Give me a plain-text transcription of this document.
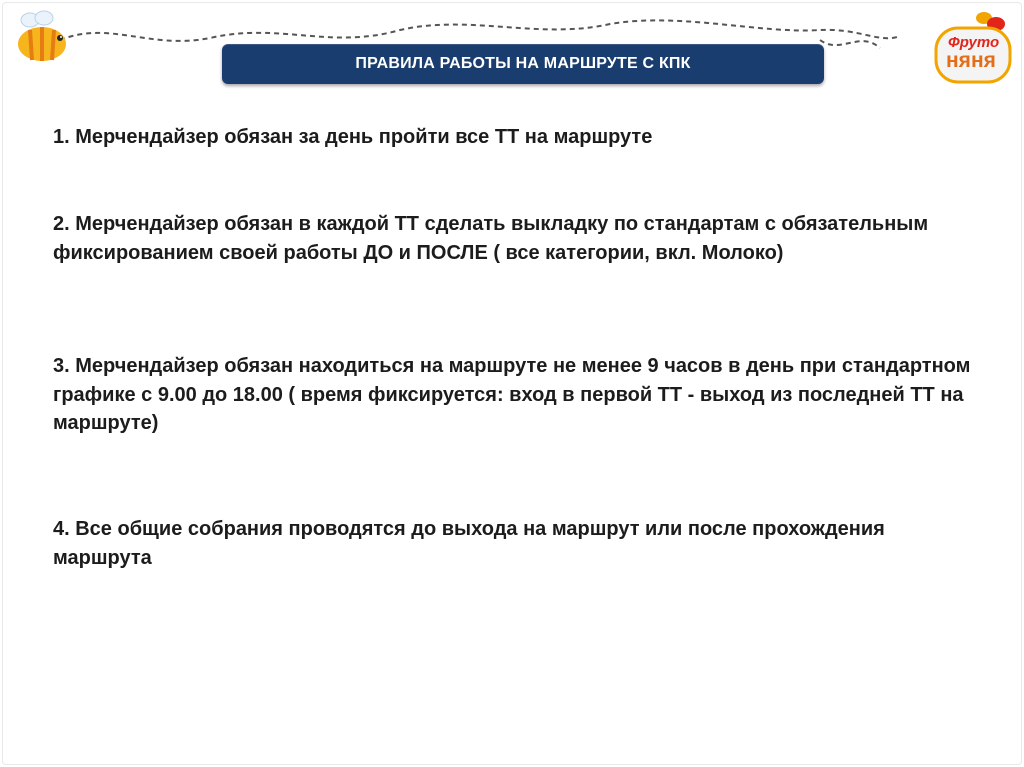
Фруто
няня
ПРАВИЛА РАБОТЫ НА МАРШРУТЕ С КПК
1. Мерчендайзер обязан за день пройти все ТТ на маршруте
2. Мерчендайзер обязан в каждой ТТ сделать выкладку по стандартам с обязательным фиксированием своей работы ДО и ПОСЛЕ ( все категории, вкл. Молоко)
3. Мерчендайзер обязан находиться на маршруте не менее 9 часов в день при стандартном графике с 9.00 до 18.00 ( время фиксируется: вход в первой ТТ - выход из последней ТТ на маршруте)
4. Все общие собрания проводятся до выхода на маршрут или после прохождения маршрута
